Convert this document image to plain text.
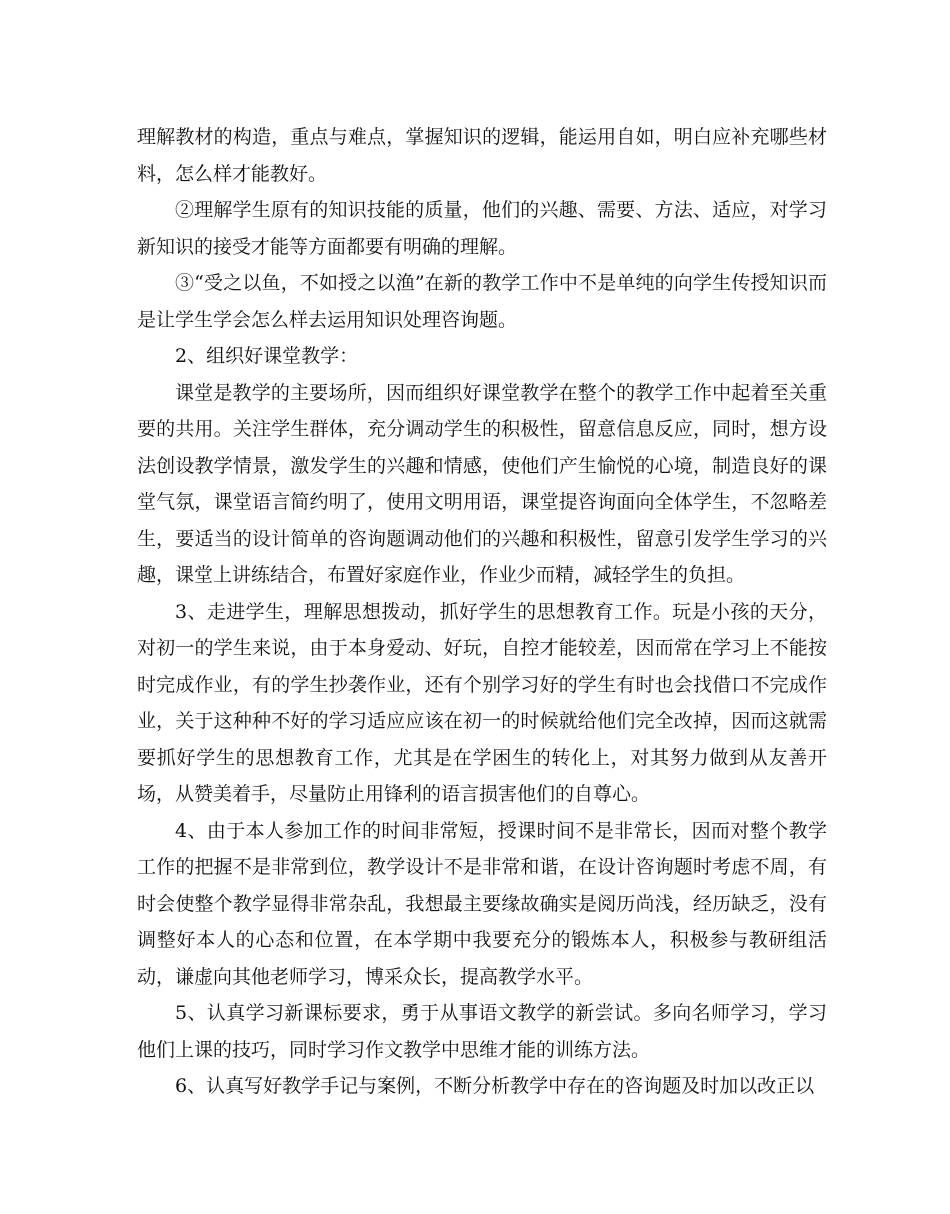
理解教材的构造，重点与难点，掌握知识的逻辑，能运用自如，明白应补充哪些材料，怎么样才能教好。

②理解学生原有的知识技能的质量，他们的兴趣、需要、方法、适应，对学习新知识的接受才能等方面都要有明确的理解。

③“受之以鱼，不如授之以渔”在新的教学工作中不是单纯的向学生传授知识而是让学生学会怎么样去运用知识处理咨询题。

2、组织好课堂教学：

课堂是教学的主要场所，因而组织好课堂教学在整个的教学工作中起着至关重要的共用。关注学生群体，充分调动学生的积极性，留意信息反应，同时，想方设法创设教学情景，激发学生的兴趣和情感，使他们产生愉悦的心境，制造良好的课堂气氛，课堂语言简约明了，使用文明用语，课堂提咨询面向全体学生，不忽略差生，要适当的设计简单的咨询题调动他们的兴趣和积极性，留意引发学生学习的兴趣，课堂上讲练结合，布置好家庭作业，作业少而精，减轻学生的负担。

3、走进学生，理解思想拨动，抓好学生的思想教育工作。玩是小孩的天分，对初一的学生来说，由于本身爱动、好玩，自控才能较差，因而常在学习上不能按时完成作业，有的学生抄袭作业，还有个别学习好的学生有时也会找借口不完成作业，关于这种种不好的学习适应应该在初一的时候就给他们完全改掉，因而这就需要抓好学生的思想教育工作，尤其是在学困生的转化上，对其努力做到从友善开场，从赞美着手，尽量防止用锋利的语言损害他们的自尊心。

4、由于本人参加工作的时间非常短，授课时间不是非常长，因而对整个教学工作的把握不是非常到位，教学设计不是非常和谐，在设计咨询题时考虑不周，有时会使整个教学显得非常杂乱，我想最主要缘故确实是阅历尚浅，经历缺乏，没有调整好本人的心态和位置，在本学期中我要充分的锻炼本人，积极参与教研组活动，谦虚向其他老师学习，博采众长，提高教学水平。

5、认真学习新课标要求，勇于从事语文教学的新尝试。多向名师学习，学习他们上课的技巧，同时学习作文教学中思维才能的训练方法。

6、认真写好教学手记与案例，不断分析教学中存在的咨询题及时加以改正以
